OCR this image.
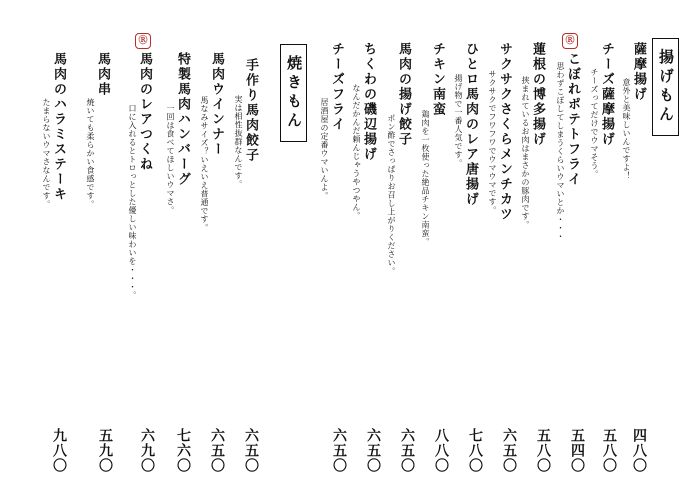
揚げもん
焼きもん
Ⓡ
Ⓡ
薩摩揚げ
意外と美味しいんですよ！
四八〇
チーズ薩摩揚げ
チーズってだけでウマそう。
五八〇
こぼれポテトフライ
思わずこぼしてしまうくらいウマいとか・・・
五四〇
蓮根の博多揚げ
挟まれているお肉はまさかの豚肉です。
五八〇
サクサクさくらメンチカツ
サクサクでフワフワでウマウマです。
六五〇
ひとロ馬肉のレア唐揚げ
揚げ物で一番人気です。
七八〇
チキン南蛮
鶏肉を一枚使った絶品チキン南蛮。
八八〇
馬肉の揚げ餃子
ポン酢でさっぱりお召し上がりください。
六五〇
ちくわの磯辺揚げ
なんだかんだ頼んじゃうやつやん。
六五〇
チーズフライ
居酒屋の定番ウマいんよ。
六五〇
手作り馬肉餃子
実は相性抜群なんです。
六五〇
馬肉ウインナー
馬なみサイズ？いえいえ普通です。
六五〇
特製馬肉ハンバーグ
一回は食べてほしいウマさ。
七六〇
馬肉のレアつくね
口に入れるとトロっとした優しい味わいを・・・。
六九〇
馬肉串
焼いても柔らかい食感です。
五九〇
馬肉のハラミステーキ
たまらないウマさなんです。
九八〇
